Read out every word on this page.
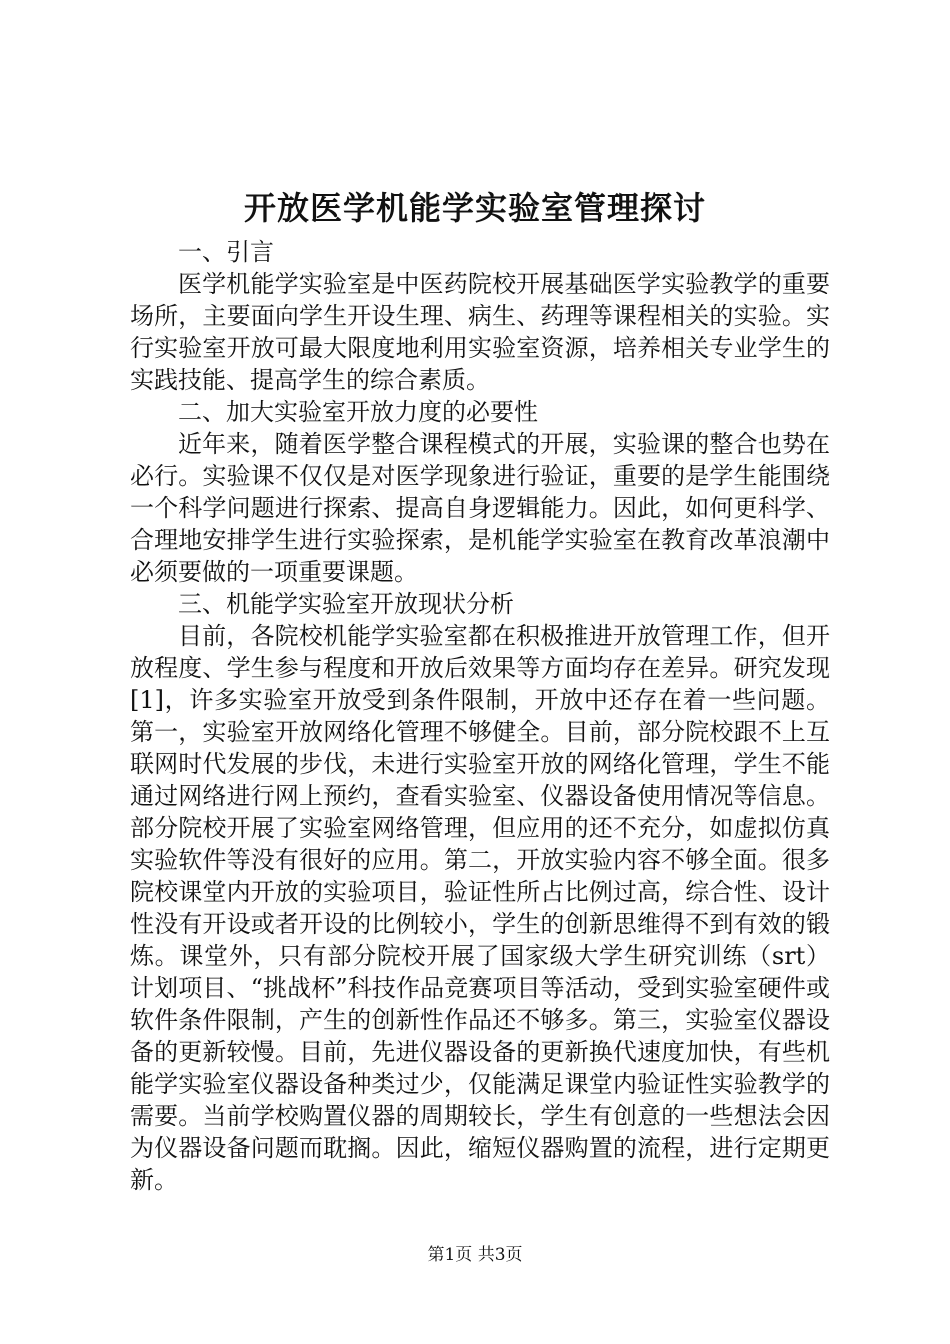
开放医学机能学实验室管理探讨

一、引言

医学机能学实验室是中医药院校开展基础医学实验教学的重要场所，主要面向学生开设生理、病生、药理等课程相关的实验。实行实验室开放可最大限度地利用实验室资源，培养相关专业学生的实践技能、提高学生的综合素质。

二、加大实验室开放力度的必要性

近年来，随着医学整合课程模式的开展，实验课的整合也势在必行。实验课不仅仅是对医学现象进行验证，重要的是学生能围绕一个科学问题进行探索、提高自身逻辑能力。因此，如何更科学、合理地安排学生进行实验探索，是机能学实验室在教育改革浪潮中必须要做的一项重要课题。

三、机能学实验室开放现状分析

目前，各院校机能学实验室都在积极推进开放管理工作，但开放程度、学生参与程度和开放后效果等方面均存在差异。研究发现[1]，许多实验室开放受到条件限制，开放中还存在着一些问题。第一，实验室开放网络化管理不够健全。目前，部分院校跟不上互联网时代发展的步伐，未进行实验室开放的网络化管理，学生不能通过网络进行网上预约，查看实验室、仪器设备使用情况等信息。部分院校开展了实验室网络管理，但应用的还不充分，如虚拟仿真实验软件等没有很好的应用。第二，开放实验内容不够全面。很多院校课堂内开放的实验项目，验证性所占比例过高，综合性、设计性没有开设或者开设的比例较小，学生的创新思维得不到有效的锻炼。课堂外，只有部分院校开展了国家级大学生研究训练（srt）计划项目、“挑战杯”科技作品竞赛项目等活动，受到实验室硬件或软件条件限制，产生的创新性作品还不够多。第三，实验室仪器设备的更新较慢。目前，先进仪器设备的更新换代速度加快，有些机能学实验室仪器设备种类过少，仅能满足课堂内验证性实验教学的需要。当前学校购置仪器的周期较长，学生有创意的一些想法会因为仪器设备问题而耽搁。因此，缩短仪器购置的流程，进行定期更新。

第1页 共3页
